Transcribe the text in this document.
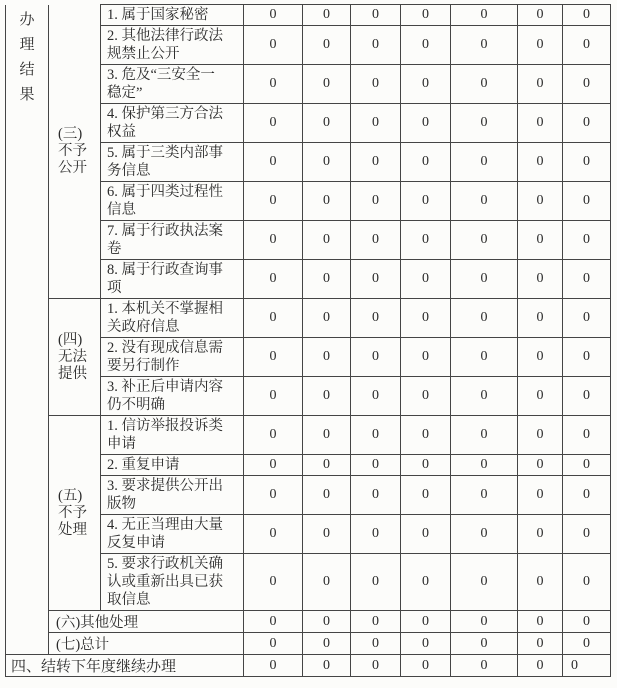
办理结果	(三)不予公开	1. 属于国家秘密	0	0	0	0	0	0	0
		2. 其他法律行政法规禁止公开	0	0	0	0	0	0	0
		3. 危及“三安全一稳定”	0	0	0	0	0	0	0
		4. 保护第三方合法权益	0	0	0	0	0	0	0
		5. 属于三类内部事务信息	0	0	0	0	0	0	0
		6. 属于四类过程性信息	0	0	0	0	0	0	0
		7. 属于行政执法案卷	0	0	0	0	0	0	0
		8. 属于行政查询事项	0	0	0	0	0	0	0
	(四)无法提供	1. 本机关不掌握相关政府信息	0	0	0	0	0	0	0
		2. 没有现成信息需要另行制作	0	0	0	0	0	0	0
		3. 补正后申请内容仍不明确	0	0	0	0	0	0	0
	(五)不予处理	1. 信访举报投诉类申请	0	0	0	0	0	0	0
		2. 重复申请	0	0	0	0	0	0	0
		3. 要求提供公开出版物	0	0	0	0	0	0	0
		4. 无正当理由大量反复申请	0	0	0	0	0	0	0
		5. 要求行政机关确认或重新出具已获取信息	0	0	0	0	0	0	0
	(六)其他处理		0	0	0	0	0	0	0
	(七)总计		0	0	0	0	0	0	0
四、结转下年度继续办理			0	0	0	0	0	0	0
